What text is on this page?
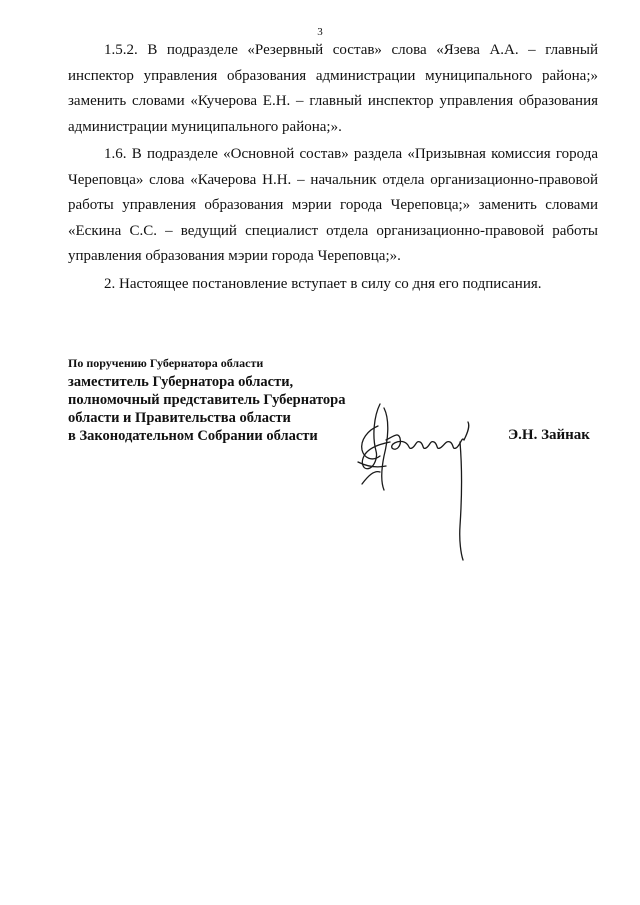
3

1.5.2. В подразделе «Резервный состав» слова «Язева А.А. – главный инспектор управления образования администрации муниципального района;» заменить словами «Кучерова Е.Н. – главный инспектор управления образования администрации муниципального района;».

1.6. В подразделе «Основной состав» раздела «Призывная комиссия города Череповца» слова «Качерова Н.Н. – начальник отдела организационно-правовой работы управления образования мэрии города Череповца;» заменить словами «Ескина С.С. – ведущий специалист отдела организационно-правовой работы управления образования мэрии города Череповца;».

2. Настоящее постановление вступает в силу со дня его подписания.

По поручению Губернатора области
заместитель Губернатора области,
полномочный представитель Губернатора
области и Правительства области
в Законодательном Собрании области	Э.Н. Зайнак
